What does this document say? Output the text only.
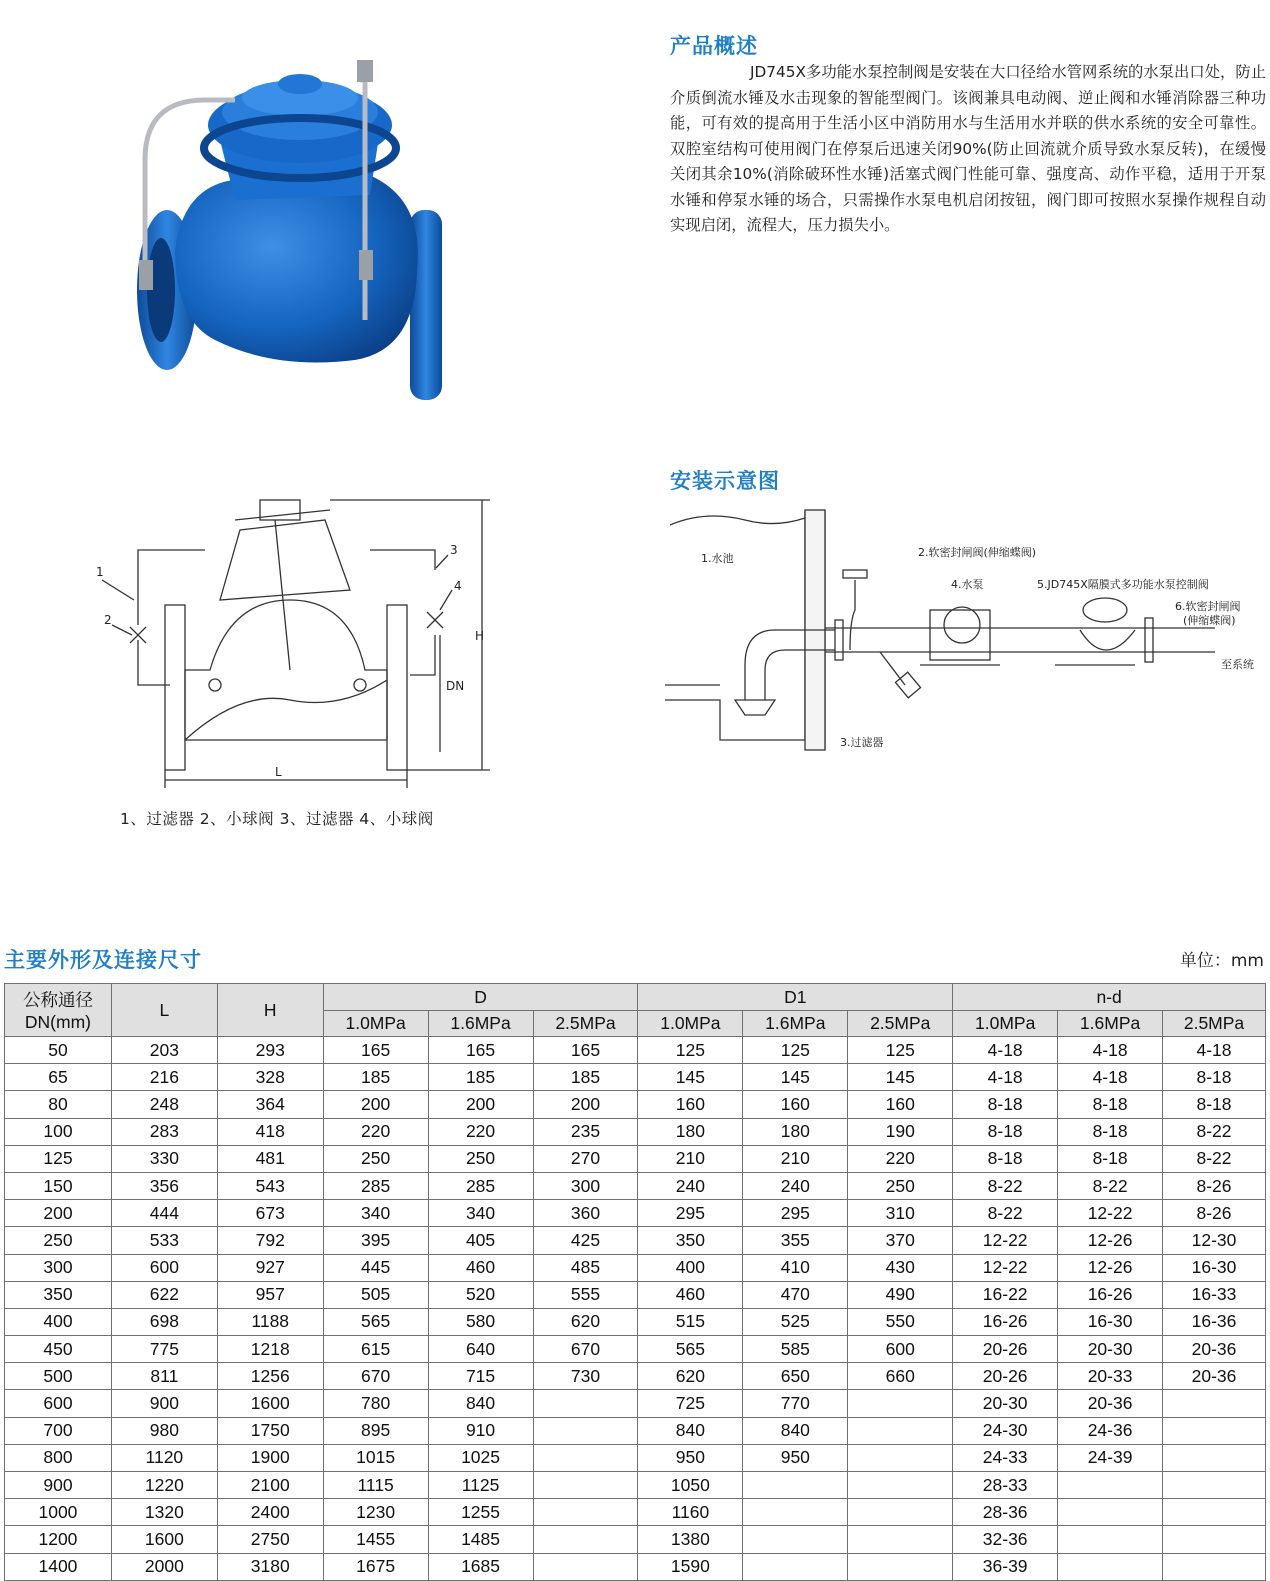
产品概述
JD745X多功能水泵控制阀是安装在大口径给水管网系统的水泵出口处，防止介质倒流水锤及水击现象的智能型阀门。该阀兼具电动阀、逆止阀和水锤消除器三种功能，可有效的提高用于生活小区中消防用水与生活用水并联的供水系统的安全可靠性。双腔室结构可使用阀门在停泵后迅速关闭90%(防止回流就介质导致水泵反转)，在缓慢关闭其余10%(消除破环性水锤)活塞式阀门性能可靠、强度高、动作平稳，适用于开泵水锤和停泵水锤的场合，只需操作水泵电机启闭按钮，阀门即可按照水泵操作规程自动实现启闭，流程大，压力损失小。
1
2
3
4
H
DN
L
1、过滤器 2、小球阀 3、过滤器 4、小球阀
安装示意图
1.水池	2.软密封闸阀(伸缩蝶阀)
3.过滤器
4.水泵	5.JD745X隔膜式多功能水泵控制阀
6.软密封闸阀
(伸缩蝶阀)
至系统
主要外形及连接尺寸	单位：mm
公称通径
DN(mm)	L	H	D			D1			n-d		
			1.0MPa	1.6MPa	2.5MPa	1.0MPa	1.6MPa	2.5MPa	1.0MPa	1.6MPa	2.5MPa
50	203	293	165	165	165	125	125	125	4-18	4-18	4-18
65	216	328	185	185	185	145	145	145	4-18	4-18	8-18
80	248	364	200	200	200	160	160	160	8-18	8-18	8-18
100	283	418	220	220	235	180	180	190	8-18	8-18	8-22
125	330	481	250	250	270	210	210	220	8-18	8-18	8-22
150	356	543	285	285	300	240	240	250	8-22	8-22	8-26
200	444	673	340	340	360	295	295	310	8-22	12-22	8-26
250	533	792	395	405	425	350	355	370	12-22	12-26	12-30
300	600	927	445	460	485	400	410	430	12-22	12-26	16-30
350	622	957	505	520	555	460	470	490	16-22	16-26	16-33
400	698	1188	565	580	620	515	525	550	16-26	16-30	16-36
450	775	1218	615	640	670	565	585	600	20-26	20-30	20-36
500	811	1256	670	715	730	620	650	660	20-26	20-33	20-36
600	900	1600	780	840		725	770		20-30	20-36	
700	980	1750	895	910		840	840		24-30	24-36	
800	1120	1900	1015	1025		950	950		24-33	24-39	
900	1220	2100	1115	1125		1050			28-33		
1000	1320	2400	1230	1255		1160			28-36		
1200	1600	2750	1455	1485		1380			32-36		
1400	2000	3180	1675	1685		1590			36-39		
